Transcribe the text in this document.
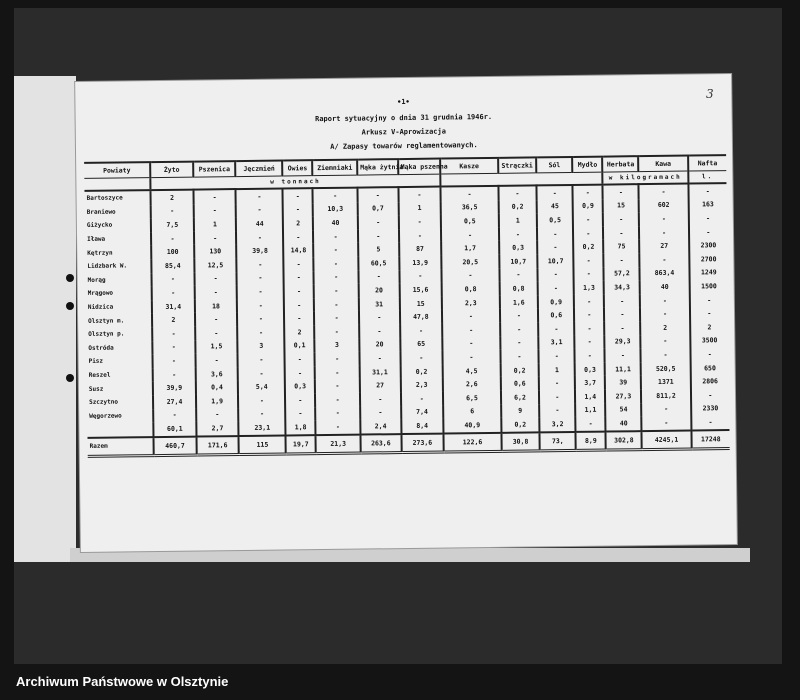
•1•
Raport sytuacyjny o dnia 31 grudnia 1946r.
Arkusz V-Aprowizacja
A/ Zapasy towarów reglamentowanych.
Powiaty	Żyto	Pszenica	Jęczmień	Owies	Ziemniaki	Mąka żytnia	Mąka pszenna	Kasze	Strączki	Sól	Mydło	Herbata	Kawa	Nafta
	w tonnach											w kilogramach		l.
Bartoszyce	2	-	-	-	-	-	-	-	-	-	-	-	-	-
Braniewo	-	-	-	-	10,3	0,7	1	36,5	0,2	45	0,9	15	602	163
Giżycko	7,5	1	44	2	40	-	-	0,5	1	0,5	-	-	-	-
Iława	-	-	-	-	-	-	-	-	-	-	-	-	-	-
Kętrzyn	100	130	39,8	14,8	-	5	87	1,7	0,3	-	0,2	75	27	2300
Lidzbark W.	85,4	12,5	-	-	-	60,5	13,9	20,5	10,7	10,7	-	-	-	2700
Morąg	-	-	-	-	-	-	-	-	-	-	-	57,2	863,4	1249
Mrągowo	-	-	-	-	-	20	15,6	0,8	0,8	-	1,3	34,3	40	1500
Nidzica	31,4	18	-	-	-	31	15	2,3	1,6	0,9	-	-	-	-
Olsztyn m.	2	-	-	-	-	-	47,8	-	-	0,6	-	-	-	-
Olsztyn p.	-	-	-	2	-	-	-	-	-	-	-	-	2	2
Ostróda	-	1,5	3	0,1	3	20	65	-	-	3,1	-	29,3	-	3500
Pisz	-	-	-	-	-	-	-	-	-	-	-	-	-	-
Reszel	-	3,6	-	-	-	31,1	0,2	4,5	0,2	1	0,3	11,1	520,5	650
Susz	39,9	0,4	5,4	0,3	-	27	2,3	2,6	0,6	-	3,7	39	1371	2806
Szczytno	27,4	1,9	-	-	-	-	-	6,5	6,2	-	1,4	27,3	811,2	-
Węgorzewo	-	-	-	-	-	-	7,4	6	9	-	1,1	54	-	2330
	60,1	2,7	23,1	1,8	-	2,4	8,4	40,9	0,2	3,2	-	40	-	-
Razem	460,7	171,6	115	19,7	21,3	263,6	273,6	122,6	30,8	73,	8,9	302,8	4245,1	17248
3
Archiwum Państwowe w Olsztynie
